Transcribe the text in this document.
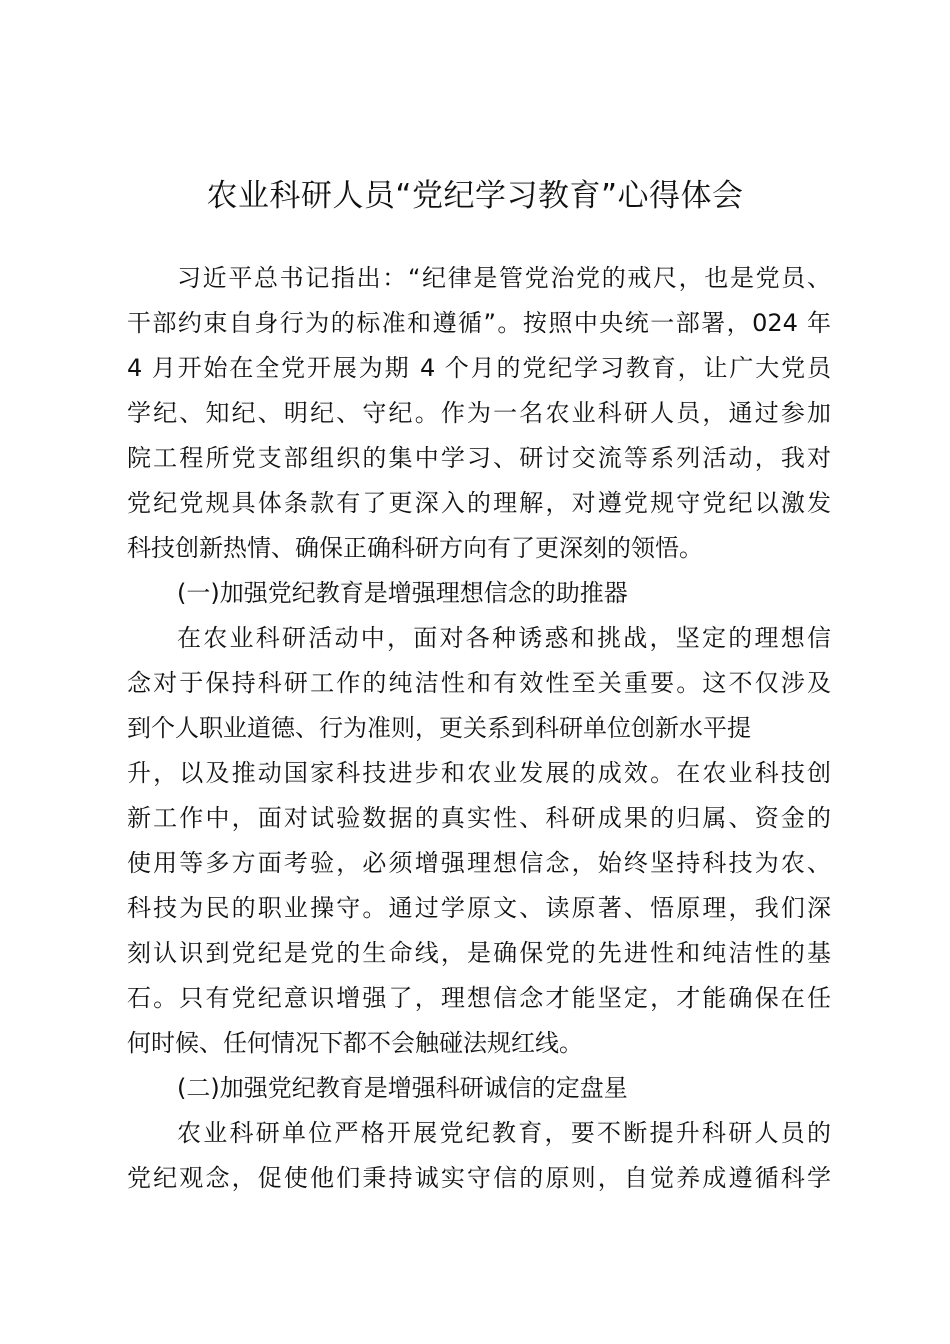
农业科研人员“党纪学习教育”心得体会
习近平总书记指出：“纪律是管党治党的戒尺，也是党员、
干部约束自身行为的标准和遵循”。按照中央统一部署，024 年
4 月开始在全党开展为期 4 个月的党纪学习教育，让广大党员
学纪、知纪、明纪、守纪。作为一名农业科研人员，通过参加
院工程所党支部组织的集中学习、研讨交流等系列活动，我对
党纪党规具体条款有了更深入的理解，对遵党规守党纪以激发
科技创新热情、确保正确科研方向有了更深刻的领悟。
(一)加强党纪教育是增强理想信念的助推器
在农业科研活动中，面对各种诱惑和挑战，坚定的理想信
念对于保持科研工作的纯洁性和有效性至关重要。这不仅涉及
到个人职业道德、行为准则，更关系到科研单位创新水平提
升，以及推动国家科技进步和农业发展的成效。在农业科技创
新工作中，面对试验数据的真实性、科研成果的归属、资金的
使用等多方面考验，必须增强理想信念，始终坚持科技为农、
科技为民的职业操守。通过学原文、读原著、悟原理，我们深
刻认识到党纪是党的生命线，是确保党的先进性和纯洁性的基
石。只有党纪意识增强了，理想信念才能坚定，才能确保在任
何时候、任何情况下都不会触碰法规红线。
(二)加强党纪教育是增强科研诚信的定盘星
农业科研单位严格开展党纪教育，要不断提升科研人员的
党纪观念，促使他们秉持诚实守信的原则，自觉养成遵循科学
